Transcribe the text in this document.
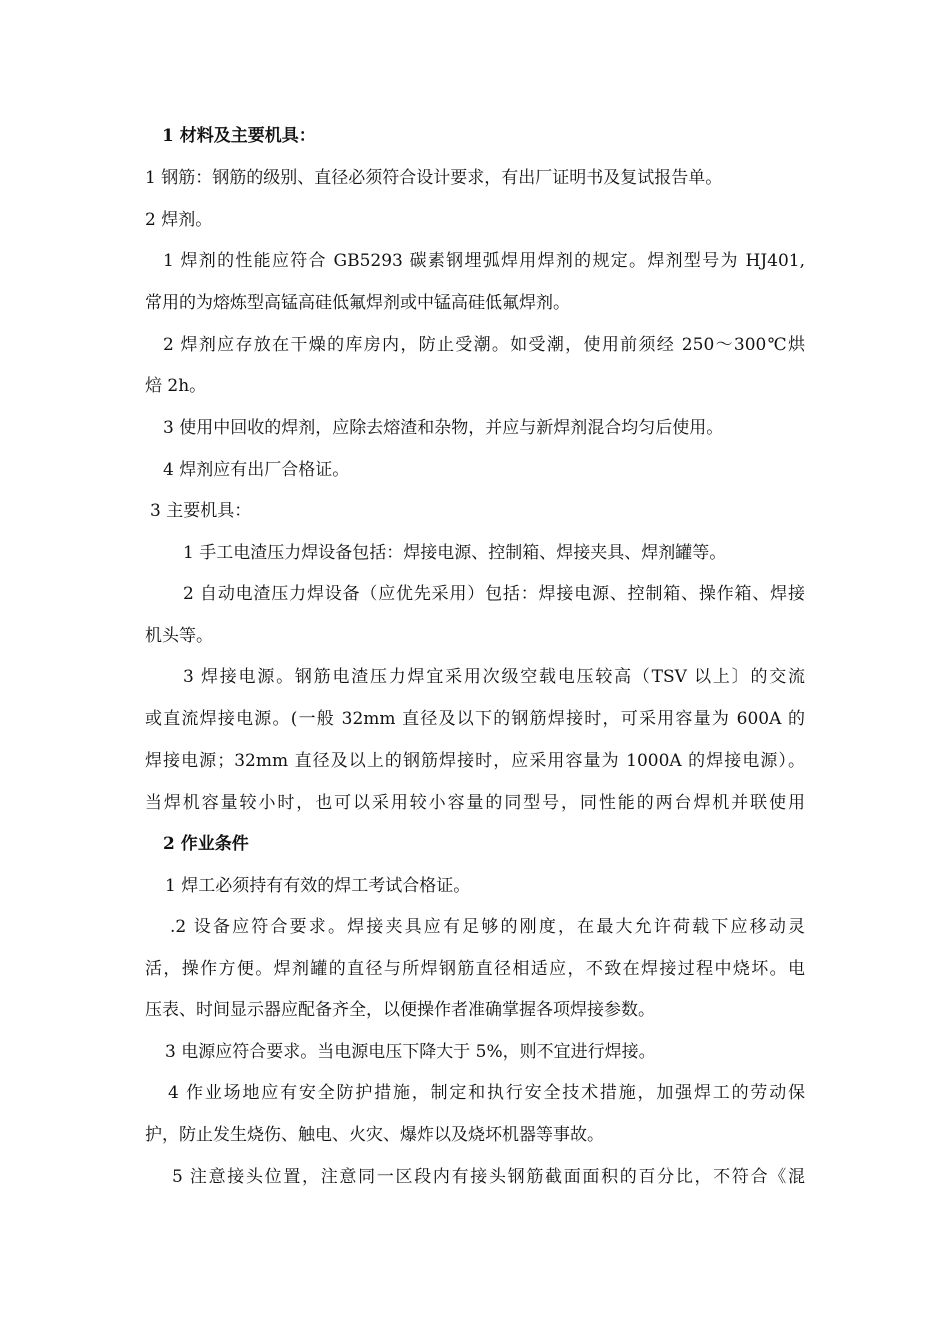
1 材料及主要机具：
1 钢筋：钢筋的级别、直径必须符合设计要求，有出厂证明书及复试报告单。
2 焊剂。
1 焊剂的性能应符合 GB5293 碳素钢埋弧焊用焊剂的规定。焊剂型号为 HJ401,
常用的为熔炼型高锰高硅低氟焊剂或中锰高硅低氟焊剂。
2 焊剂应存放在干燥的库房内，防止受潮。如受潮，使用前须经 250～300℃烘
焙 2h。
3 使用中回收的焊剂，应除去熔渣和杂物，并应与新焊剂混合均匀后使用。
4 焊剂应有出厂合格证。
3 主要机具：
1 手工电渣压力焊设备包括：焊接电源、控制箱、焊接夹具、焊剂罐等。
2 自动电渣压力焊设备（应优先采用）包括：焊接电源、控制箱、操作箱、焊接
机头等。
3 焊接电源。钢筋电渣压力焊宜采用次级空载电压较高（TSV 以上〕的交流
或直流焊接电源。(一般 32mm 直径及以下的钢筋焊接时，可采用容量为 600A 的
焊接电源；32mm 直径及以上的钢筋焊接时，应采用容量为 1000A 的焊接电源）。
当焊机容量较小时，也可以采用较小容量的同型号，同性能的两台焊机并联使用
2 作业条件
1 焊工必须持有有效的焊工考试合格证。
.2 设备应符合要求。焊接夹具应有足够的刚度，在最大允许荷载下应移动灵
活，操作方便。焊剂罐的直径与所焊钢筋直径相适应，不致在焊接过程中烧坏。电
压表、时间显示器应配备齐全，以便操作者准确掌握各项焊接参数。
3 电源应符合要求。当电源电压下降大于 5%，则不宜进行焊接。
4 作业场地应有安全防护措施，制定和执行安全技术措施，加强焊工的劳动保
护，防止发生烧伤、触电、火灾、爆炸以及烧坏机器等事故。
5 注意接头位置，注意同一区段内有接头钢筋截面面积的百分比，不符合《混
